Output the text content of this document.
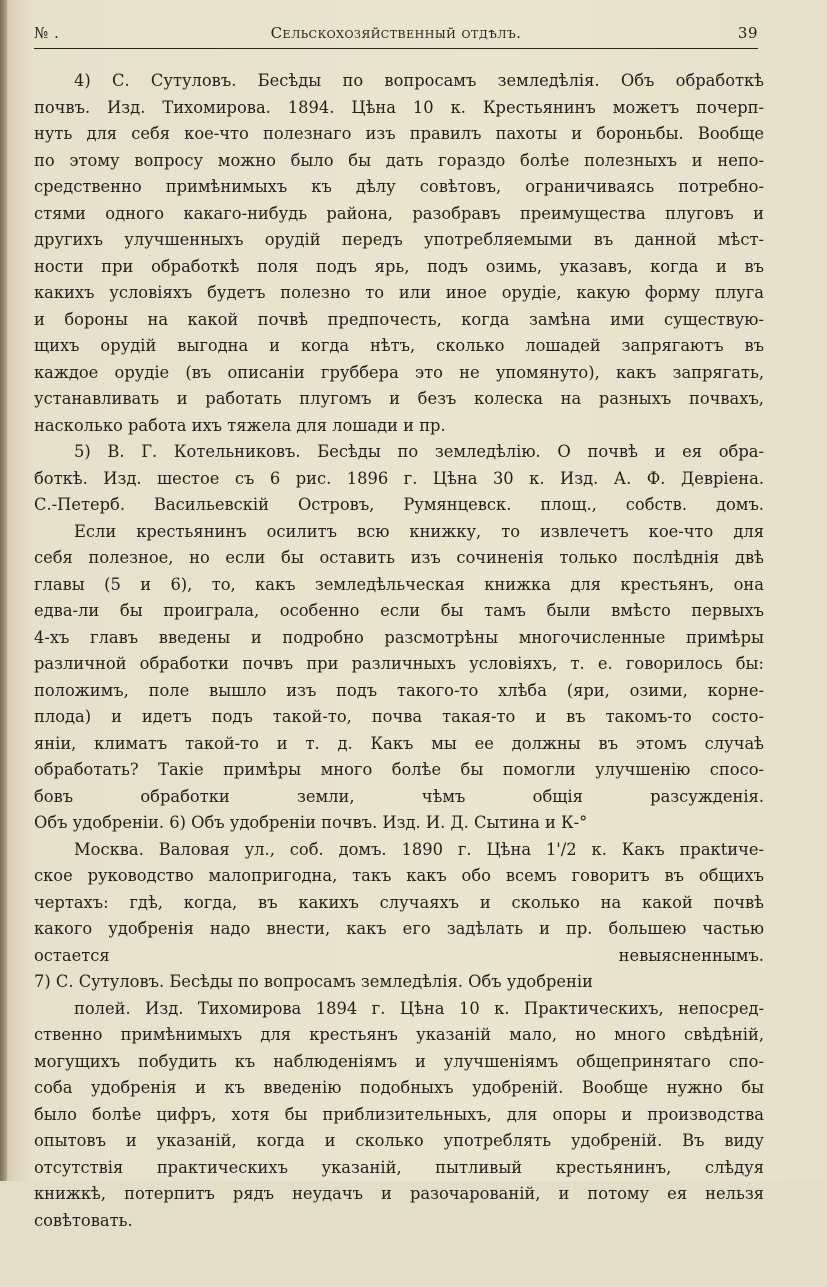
№ .	Сельскохозяйственный отдѣлъ.	39
4) С. Сутуловъ. Бесѣды по вопросамъ земледѣлія. Объ обработкѣ
почвъ. Изд. Тихомирова. 1894. Цѣна 10 к. Крестьянинъ можетъ почерп-
нуть для себя кое-что полезнаго изъ правилъ пахоты и бороньбы. Вообще
по этому вопросу можно было бы дать гораздо болѣе полезныхъ и непо-
средственно примѣнимыхъ къ дѣлу совѣтовъ, ограничиваясь потребно-
стями одного какаго-нибудь района, разобравъ преимущества плуговъ и
другихъ улучшенныхъ орудій передъ употребляемыми въ данной мѣст-
ности при обработкѣ поля подъ ярь, подъ озимь, указавъ, когда и въ
какихъ условіяхъ будетъ полезно то или иное орудіе, какую форму плуга
и бороны на какой почвѣ предпочесть, когда замѣна ими существую-
щихъ орудій выгодна и когда нѣтъ, сколько лошадей запрягаютъ въ
каждое орудіе (въ описаніи груббера это не упомянуто), какъ запрягать,
устанавливать и работать плугомъ и безъ колеска на разныхъ почвахъ,
насколько работа ихъ тяжела для лошади и пр.
5) В. Г. Котельниковъ. Бесѣды по земледѣлію. О почвѣ и ея обра-
боткѣ. Изд. шестое съ 6 рис. 1896 г. Цѣна 30 к. Изд. А. Ф. Девріена.
С.-Петерб. Васильевскій Островъ, Румянцевск. площ., собств. домъ.
Если крестьянинъ осилитъ всю книжку, то извлечетъ кое-что для
себя полезное, но если бы оставить изъ сочиненія только послѣднія двѣ
главы (5 и 6), то, какъ земледѣльческая книжка для крестьянъ, она
едва-ли бы проиграла, особенно если бы тамъ были вмѣсто первыхъ
4-хъ главъ введены и подробно разсмотрѣны многочисленные примѣры
различной обработки почвъ при различныхъ условіяхъ, т. е. говорилось бы:
положимъ, поле вышло изъ подъ такого-то хлѣба (яри, озими, корне-
плода) и идетъ подъ такой-то, почва такая-то и въ такомъ-то состо-
яніи, климатъ такой-то и т. д. Какъ мы ее должны въ этомъ случаѣ
обработать? Такіе примѣры много болѣе бы помогли улучшенію спосо-
бовъ обработки земли, чѣмъ общія разсужденія.
Объ удобреніи. 6) Объ удобреніи почвъ. Изд. И. Д. Сытина и К-°
Москва. Валовая ул., соб. домъ. 1890 г. Цѣна 1'/2 к. Какъ пракtиче-
ское руководство малопригодна, такъ какъ обо всемъ говоритъ въ общихъ
чертахъ: гдѣ, когда, въ какихъ случаяхъ и сколько на какой почвѣ
какого удобренія надо внести, какъ его задѣлать и пр. большею частью
остается невыясненнымъ.
7) С. Сутуловъ. Бесѣды по вопросамъ земледѣлія. Объ удобреніи
полей. Изд. Тихомирова 1894 г. Цѣна 10 к. Практическихъ, непосред-
ственно примѣнимыхъ для крестьянъ указаній мало, но много свѣдѣній,
могущихъ побудить къ наблюденіямъ и улучшеніямъ общепринятаго спо-
соба удобренія и къ введенію подобныхъ удобреній. Вообще нужно бы
было болѣе цифръ, хотя бы приблизительныхъ, для опоры и производства
опытовъ и указаній, когда и сколько употреблять удобреній. Въ виду
отсутствія практическихъ указаній, пытливый крестьянинъ, слѣдуя
книжкѣ, потерпитъ рядъ неудачъ и разочарованій, и потому ея нельзя
совѣтовать.
